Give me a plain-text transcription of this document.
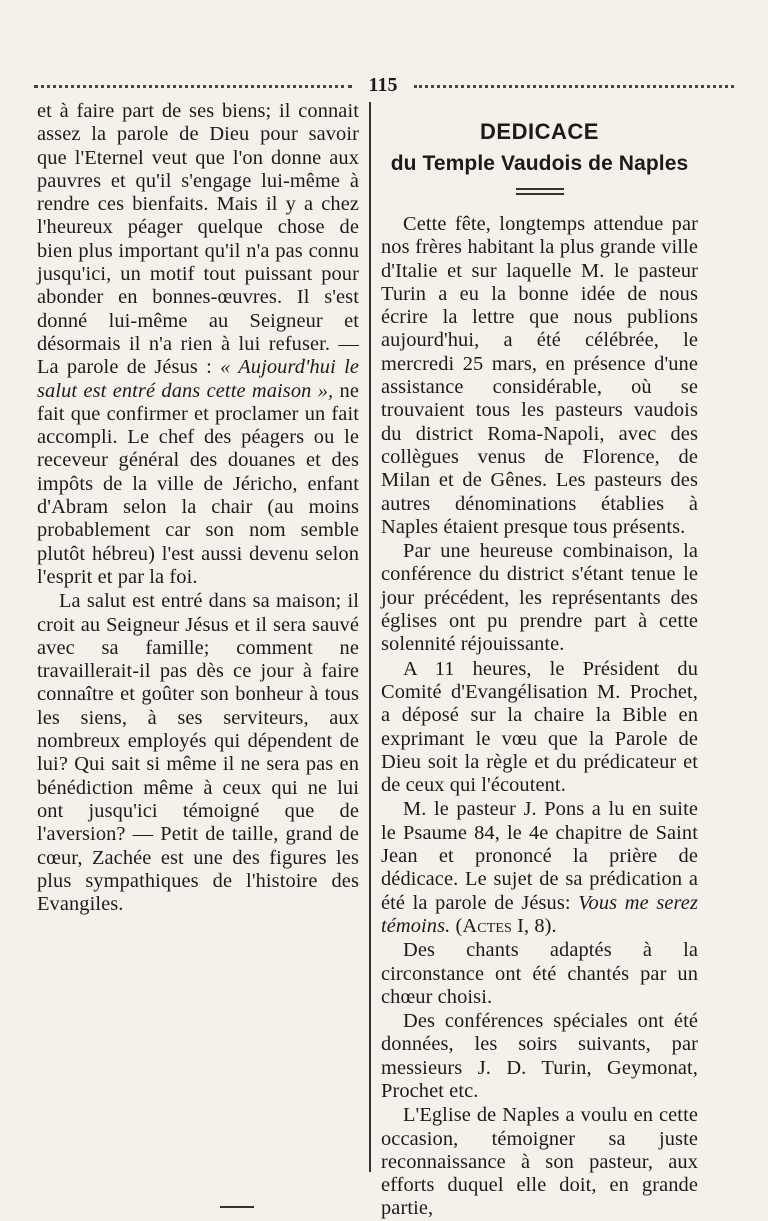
115

et à faire part de ses biens; il connait assez la parole de Dieu pour savoir que l'Eternel veut que l'on donne aux pauvres et qu'il s'engage lui-même à rendre ces bienfaits. Mais il y a chez l'heureux péager quelque chose de bien plus important qu'il n'a pas connu jusqu'ici, un motif tout puissant pour abonder en bonnes-œuvres. Il s'est donné lui-même au Seigneur et désormais il n'a rien à lui refuser. — La parole de Jésus : « Aujourd'hui le salut est entré dans cette maison », ne fait que confirmer et proclamer un fait accompli. Le chef des péagers ou le receveur général des douanes et des impôts de la ville de Jéricho, enfant d'Abram selon la chair (au moins probablement car son nom semble plutôt hébreu) l'est aussi devenu selon l'esprit et par la foi.

La salut est entré dans sa maison; il croit au Seigneur Jésus et il sera sauvé avec sa famille; comment ne travaillerait-il pas dès ce jour à faire connaître et goûter son bonheur à tous les siens, à ses serviteurs, aux nombreux employés qui dépendent de lui? Qui sait si même il ne sera pas en bénédiction même à ceux qui ne lui ont jusqu'ici témoigné que de l'aversion? — Petit de taille, grand de cœur, Zachée est une des figures les plus sympathiques de l'histoire des Evangiles.

DEDICACE
du Temple Vaudois de Naples

Cette fête, longtemps attendue par nos frères habitant la plus grande ville d'Italie et sur laquelle M. le pasteur Turin a eu la bonne idée de nous écrire la lettre que nous publions aujourd'hui, a été célébrée, le mercredi 25 mars, en présence d'une assistance considérable, où se trouvaient tous les pasteurs vaudois du district Roma-Napoli, avec des collègues venus de Florence, de Milan et de Gênes. Les pasteurs des autres dénominations établies à Naples étaient presque tous présents.

Par une heureuse combinaison, la conférence du district s'étant tenue le jour précédent, les représentants des églises ont pu prendre part à cette solennité réjouissante.

A 11 heures, le Président du Comité d'Evangélisation M. Prochet, a déposé sur la chaire la Bible en exprimant le vœu que la Parole de Dieu soit la règle et du prédicateur et de ceux qui l'écoutent.

M. le pasteur J. Pons a lu en suite le Psaume 84, le 4e chapitre de Saint Jean et prononcé la prière de dédicace. Le sujet de sa prédication a été la parole de Jésus: Vous me serez témoins. (Actes I, 8).

Des chants adaptés à la circonstance ont été chantés par un chœur choisi.

Des conférences spéciales ont été données, les soirs suivants, par messieurs J. D. Turin, Geymonat, Prochet etc.

L'Eglise de Naples a voulu en cette occasion, témoigner sa juste reconnaissance à son pasteur, aux efforts duquel elle doit, en grande partie,
